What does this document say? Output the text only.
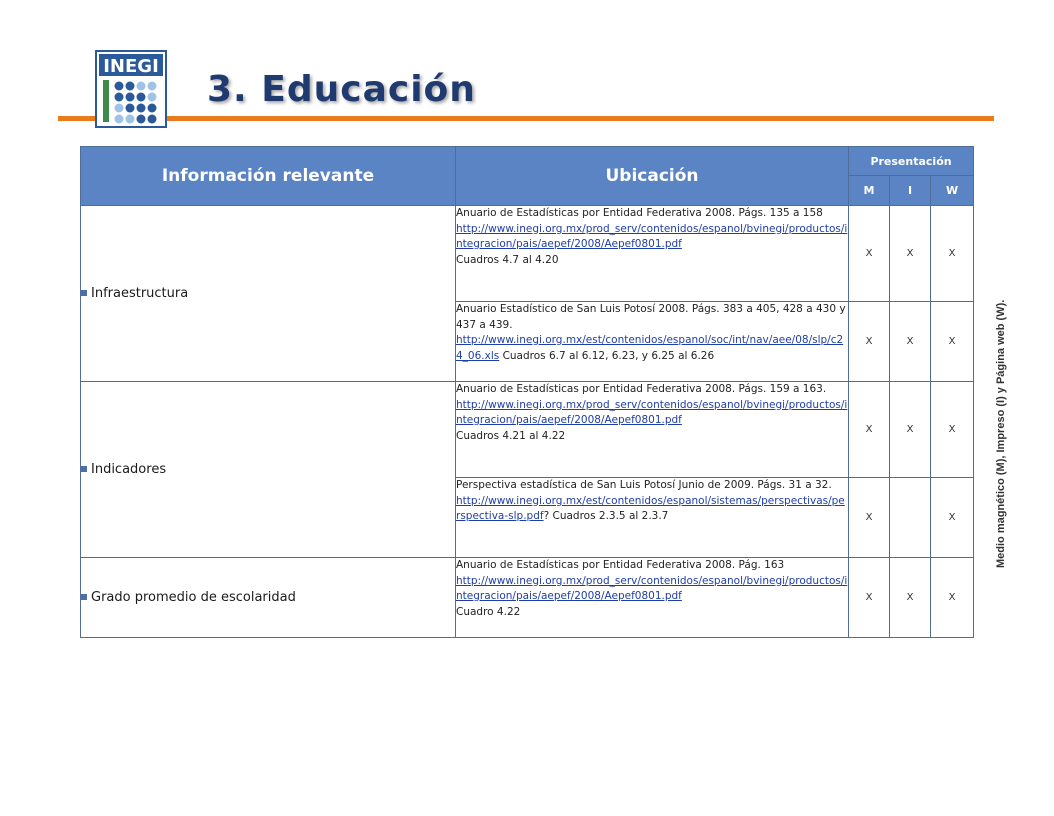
INEGI
3. Educación
Información relevante	Ubicación	Presentación		
		M	I	W
Infraestructura	Anuario de Estadísticas por Entidad Federativa 2008. Págs. 135 a 158
http://www.inegi.org.mx/prod_serv/contenidos/espanol/bvinegi/productos/integracion/pais/aepef/2008/Aepef0801.pdf
Cuadros 4.7 al 4.20	X	X	X
	Anuario Estadístico de San Luis Potosí 2008. Págs. 383 a 405, 428 a 430 y 437 a 439.
http://www.inegi.org.mx/est/contenidos/espanol/soc/int/nav/aee/08/slp/c24_06.xls Cuadros 6.7 al 6.12, 6.23, y 6.25 al 6.26	X	X	X
Indicadores	Anuario de Estadísticas por Entidad Federativa 2008. Págs. 159 a 163.
http://www.inegi.org.mx/prod_serv/contenidos/espanol/bvinegi/productos/integracion/pais/aepef/2008/Aepef0801.pdf
Cuadros 4.21 al 4.22	X	X	X
	Perspectiva estadística de San Luis Potosí Junio de 2009. Págs. 31 a 32.
http://www.inegi.org.mx/est/contenidos/espanol/sistemas/perspectivas/perspectiva-slp.pdf? Cuadros 2.3.5 al 2.3.7	X		X
Grado promedio de escolaridad	Anuario de Estadísticas por Entidad Federativa 2008. Pág. 163
http://www.inegi.org.mx/prod_serv/contenidos/espanol/bvinegi/productos/integracion/pais/aepef/2008/Aepef0801.pdf
Cuadro 4.22	X	X	X
Medio magnético (M), Impreso (I) y Página web (W).
